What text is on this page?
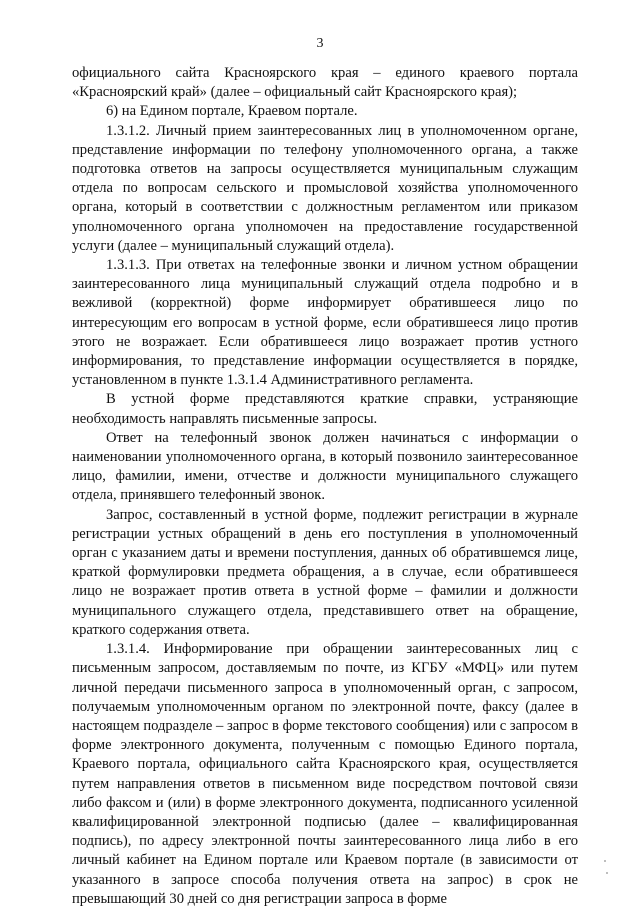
3

официального сайта Красноярского края – единого краевого портала «Красноярский край» (далее – официальный сайт Красноярского края);

6) на Едином портале, Краевом портале.

1.3.1.2. Личный прием заинтересованных лиц в уполномоченном органе, представление информации по телефону уполномоченного органа, а также подготовка ответов на запросы осуществляется муниципальным служащим отдела по вопросам сельского и промысловой хозяйства уполномоченного органа, который в соответствии с должностным регламентом или приказом уполномоченного органа уполномочен на предоставление государственной услуги (далее – муниципальный служащий отдела).

1.3.1.3. При ответах на телефонные звонки и личном устном обращении заинтересованного лица муниципальный служащий отдела подробно и в вежливой (корректной) форме информирует обратившееся лицо по интересующим его вопросам в устной форме, если обратившееся лицо против этого не возражает. Если обратившееся лицо возражает против устного информирования, то представление информации осуществляется в порядке, установленном в пункте 1.3.1.4 Административного регламента.

В устной форме представляются краткие справки, устраняющие необходимость направлять письменные запросы.

Ответ на телефонный звонок должен начинаться с информации о наименовании уполномоченного органа, в который позвонило заинтересованное лицо, фамилии, имени, отчестве и должности муниципального служащего отдела, принявшего телефонный звонок.

Запрос, составленный в устной форме, подлежит регистрации в журнале регистрации устных обращений в день его поступления в уполномоченный орган с указанием даты и времени поступления, данных об обратившемся лице, краткой формулировки предмета обращения, а в случае, если обратившееся лицо не возражает против ответа в устной форме – фамилии и должности муниципального служащего отдела, представившего ответ на обращение, краткого содержания ответа.

1.3.1.4. Информирование при обращении заинтересованных лиц с письменным запросом, доставляемым по почте, из КГБУ «МФЦ» или путем личной передачи письменного запроса в уполномоченный орган, с запросом, получаемым уполномоченным органом по электронной почте, факсу (далее в настоящем подразделе – запрос в форме текстового сообщения) или с запросом в форме электронного документа, полученным с помощью Единого портала, Краевого портала, официального сайта Красноярского края, осуществляется путем направления ответов в письменном виде посредством почтовой связи либо факсом и (или) в форме электронного документа, подписанного усиленной квалифицированной электронной подписью (далее – квалифицированная подпись), по адресу электронной почты заинтересованного лица либо в его личный кабинет на Едином портале или Краевом портале (в зависимости от указанного в запросе способа получения ответа на запрос) в срок не превышающий 30 дней со дня регистрации запроса в форме
